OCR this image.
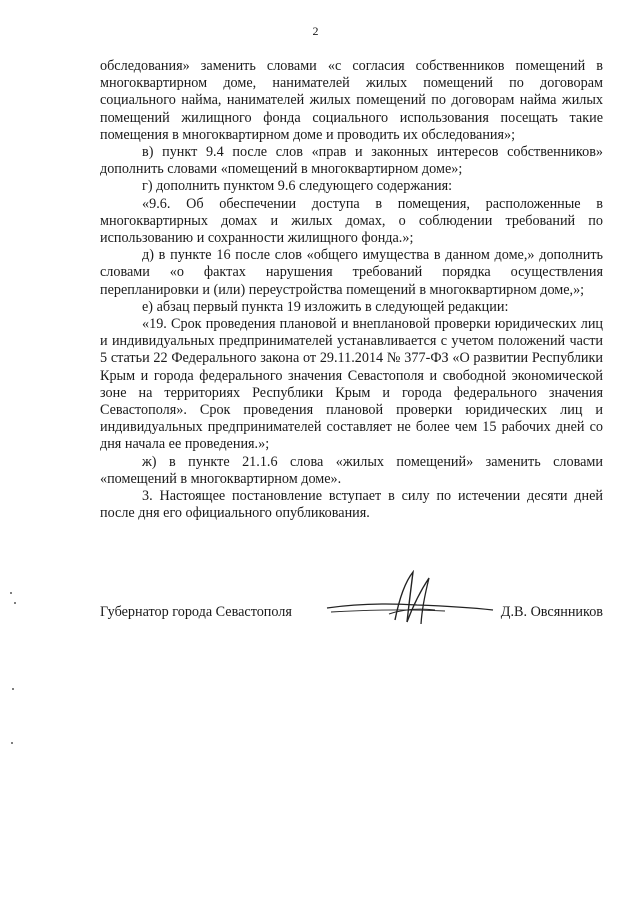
2

обследования» заменить словами «с согласия собственников помещений в многоквартирном доме, нанимателей жилых помещений по договорам социального найма, нанимателей жилых помещений по договорам найма жилых помещений жилищного фонда социального использования посещать такие помещения в многоквартирном доме и проводить их обследования»;

в) пункт 9.4 после слов «прав и законных интересов собственников» дополнить словами «помещений в многоквартирном доме»;

г) дополнить пунктом 9.6 следующего содержания:

«9.6. Об обеспечении доступа в помещения, расположенные в многоквартирных домах и жилых домах, о соблюдении требований по использованию и сохранности жилищного фонда.»;

д) в пункте 16 после слов «общего имущества в данном доме,» дополнить словами «о фактах нарушения требований порядка осуществления перепланировки и (или) переустройства помещений в многоквартирном доме,»;

е) абзац первый пункта 19 изложить в следующей редакции:

«19. Срок проведения плановой и внеплановой проверки юридических лиц и индивидуальных предпринимателей устанавливается с учетом положений части 5 статьи 22 Федерального закона от 29.11.2014 № 377-ФЗ «О развитии Республики Крым и города федерального значения Севастополя и свободной экономической зоне на территориях Республики Крым и города федерального значения Севастополя». Срок проведения плановой проверки юридических лиц и индивидуальных предпринимателей составляет не более чем 15 рабочих дней со дня начала ее проведения.»;

ж) в пункте 21.1.6 слова «жилых помещений» заменить словами «помещений в многоквартирном доме».

3. Настоящее постановление вступает в силу по истечении десяти дней после дня его официального опубликования.

Губернатор города Севастополя	Д.В. Овсянников
